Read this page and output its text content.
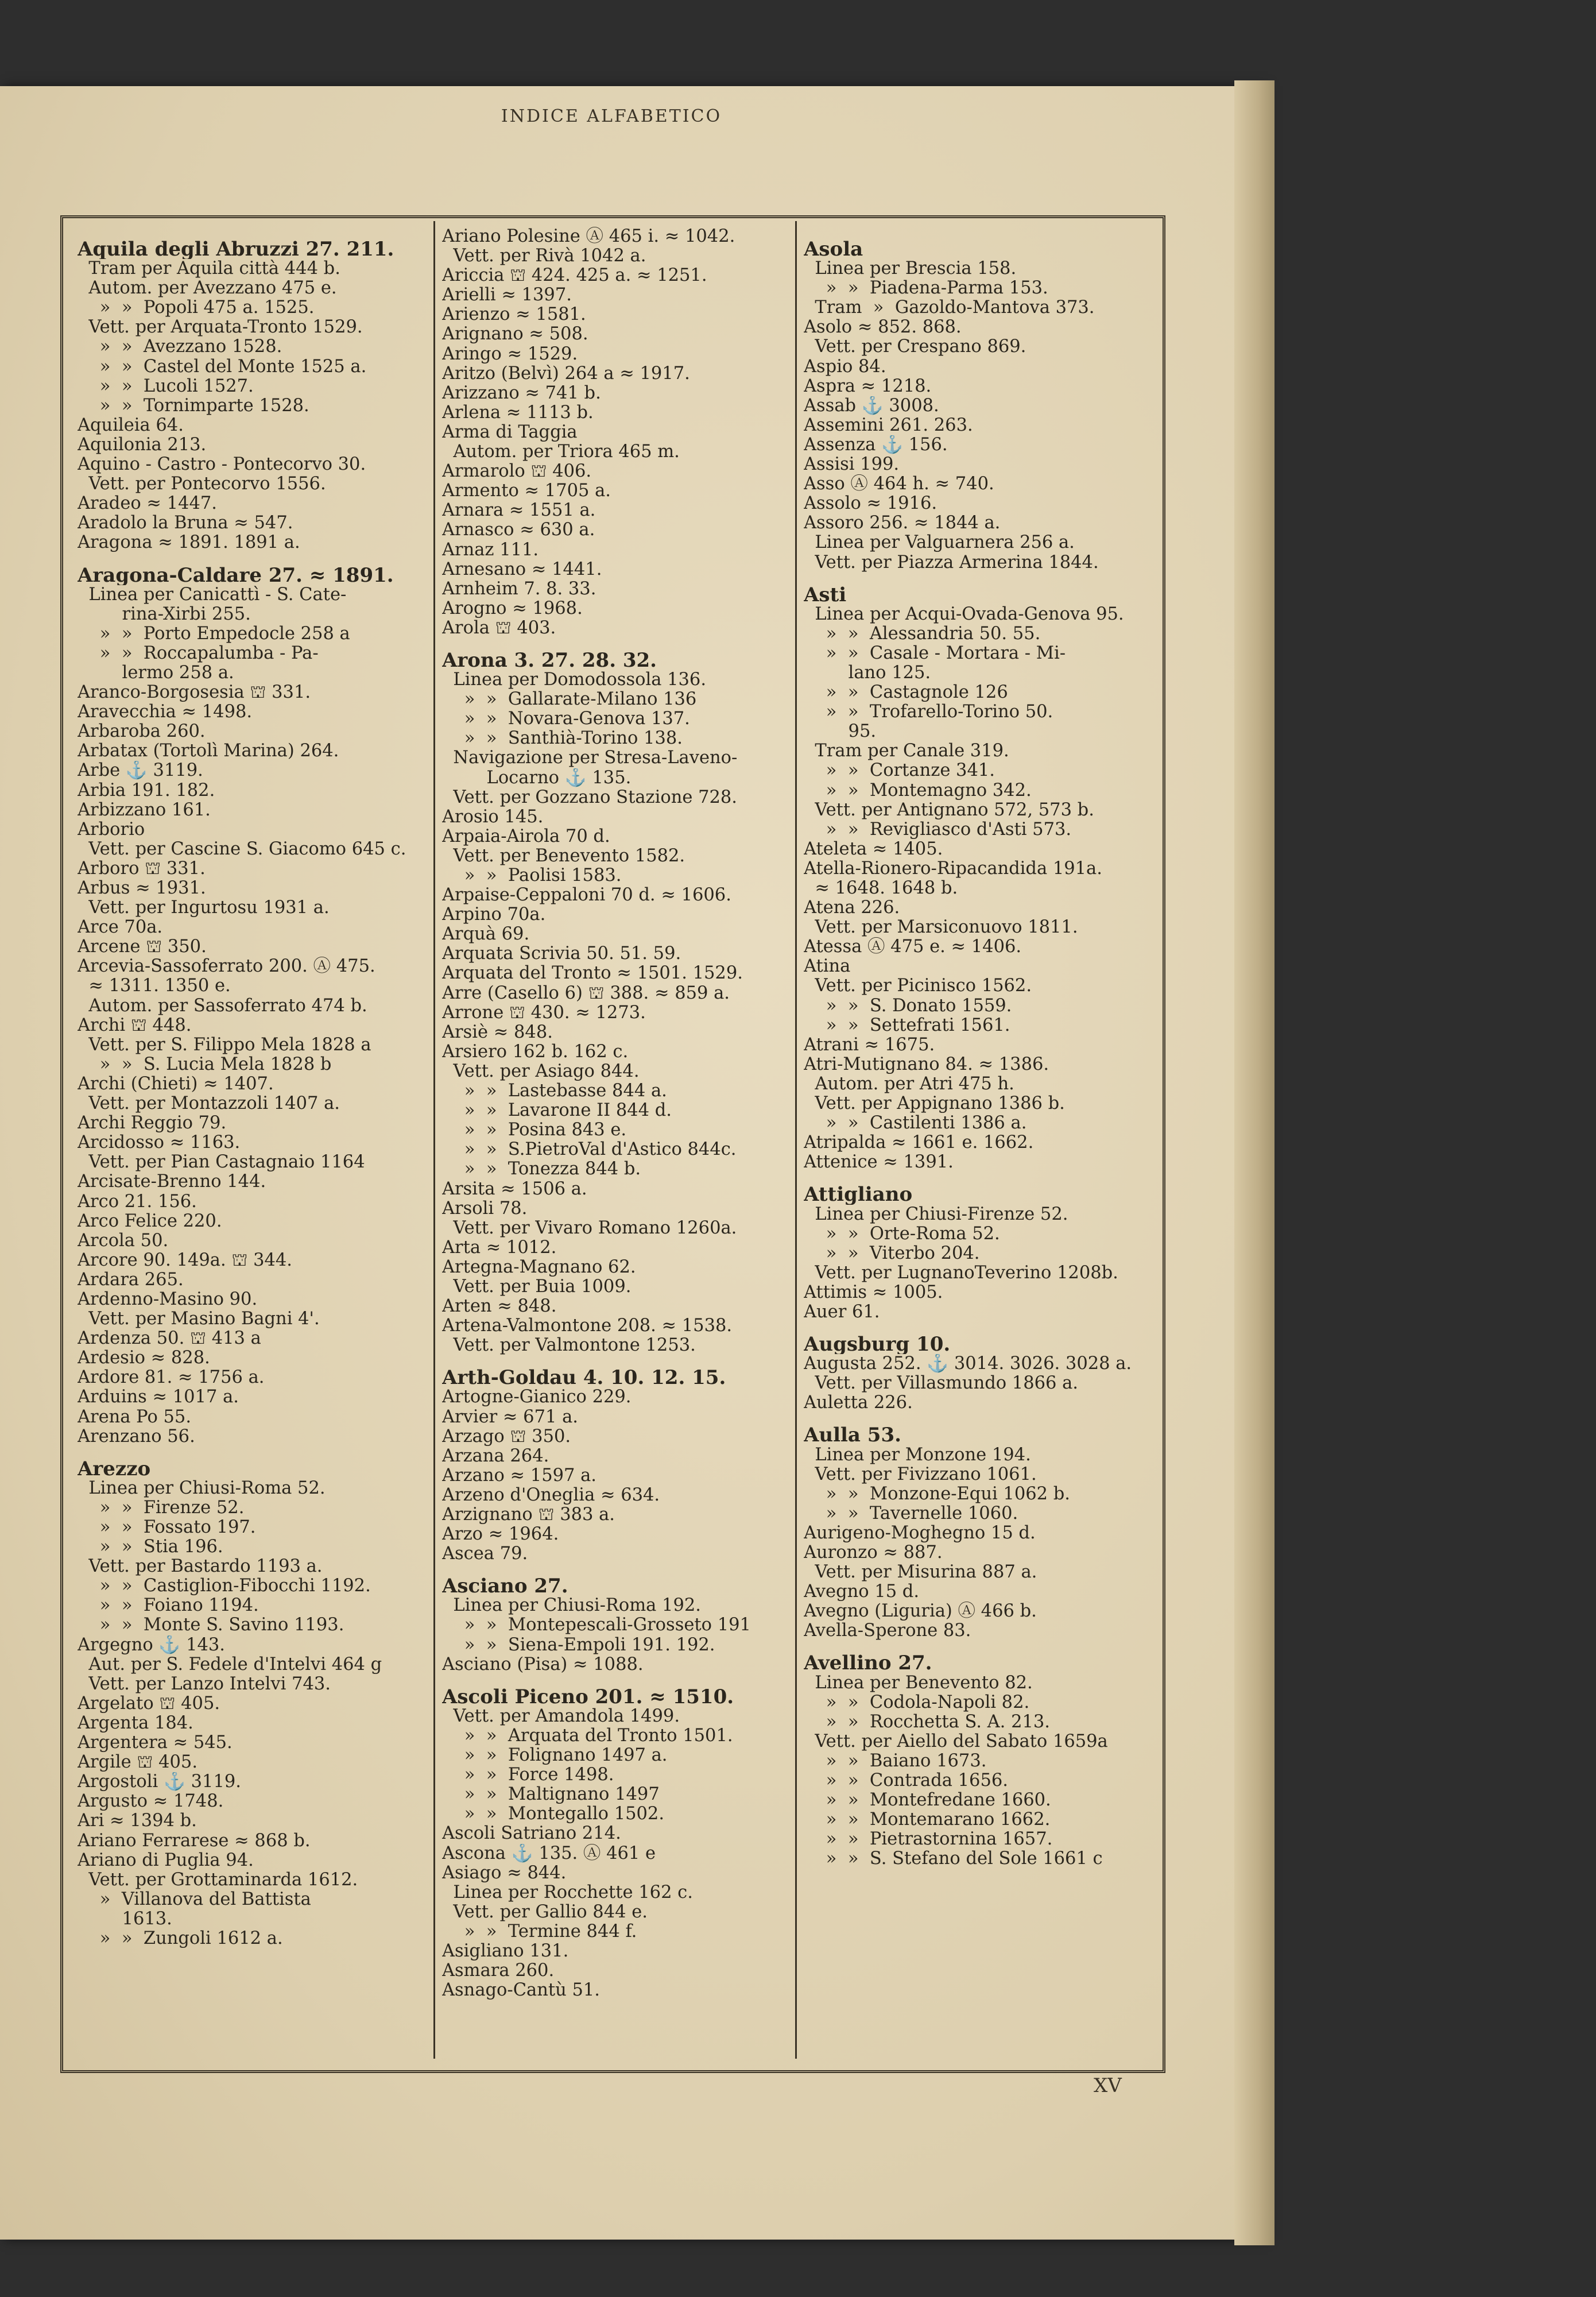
INDICE ALFABETICO
Aquila degli Abruzzi 27. 211.
Tram per Aquila città 444 b.
Autom. per Avezzano 475 e.
»  »  Popoli 475 a. 1525.
Vett. per Arquata-Tronto 1529.
»  »  Avezzano 1528.
»  »  Castel del Monte 1525 a.
»  »  Lucoli 1527.
»  »  Tornimparte 1528.
Aquileia 64.
Aquilonia 213.
Aquino - Castro - Pontecorvo 30.
Vett. per Pontecorvo 1556.
Aradeo ≈ 1447.
Aradolo la Bruna ≈ 547.
Aragona ≈ 1891. 1891 a.
Aragona-Caldare 27. ≈ 1891.
Linea per Canicattì - S. Cate-
rina-Xirbi 255.
»  »  Porto Empedocle 258 a
»  »  Roccapalumba - Pa-
lermo 258 a.
Aranco-Borgosesia ⛫ 331.
Aravecchia ≈ 1498.
Arbaroba 260.
Arbatax (Tortolì Marina) 264.
Arbe ⚓ 3119.
Arbia 191. 182.
Arbizzano 161.
Arborio
Vett. per Cascine S. Giacomo 645 c.
Arboro ⛫ 331.
Arbus ≈ 1931.
Vett. per Ingurtosu 1931 a.
Arce 70a.
Arcene ⛫ 350.
Arcevia-Sassoferrato 200. Ⓐ 475.
≈ 1311. 1350 e.
Autom. per Sassoferrato 474 b.
Archi ⛫ 448.
Vett. per S. Filippo Mela 1828 a
»  »  S. Lucia Mela 1828 b
Archi (Chieti) ≈ 1407.
Vett. per Montazzoli 1407 a.
Archi Reggio 79.
Arcidosso ≈ 1163.
Vett. per Pian Castagnaio 1164
Arcisate-Brenno 144.
Arco 21. 156.
Arco Felice 220.
Arcola 50.
Arcore 90. 149a. ⛫ 344.
Ardara 265.
Ardenno-Masino 90.
Vett. per Masino Bagni 4'.
Ardenza 50. ⛫ 413 a
Ardesio ≈ 828.
Ardore 81. ≈ 1756 a.
Arduins ≈ 1017 a.
Arena Po 55.
Arenzano 56.
Arezzo
Linea per Chiusi-Roma 52.
»  »  Firenze 52.
»  »  Fossato 197.
»  »  Stia 196.
Vett. per Bastardo 1193 a.
»  »  Castiglion-Fibocchi 1192.
»  »  Foiano 1194.
»  »  Monte S. Savino 1193.
Argegno ⚓ 143.
Aut. per S. Fedele d'Intelvi 464 g
Vett. per Lanzo Intelvi 743.
Argelato ⛫ 405.
Argenta 184.
Argentera ≈ 545.
Argile ⛫ 405.
Argostoli ⚓ 3119.
Argusto ≈ 1748.
Ari ≈ 1394 b.
Ariano Ferrarese ≈ 868 b.
Ariano di Puglia 94.
Vett. per Grottaminarda 1612.
»  Villanova del Battista
1613.
»  »  Zungoli 1612 a.
Ariano Polesine Ⓐ 465 i. ≈ 1042.
Vett. per Rivà 1042 a.
Ariccia ⛫ 424. 425 a. ≈ 1251.
Arielli ≈ 1397.
Arienzo ≈ 1581.
Arignano ≈ 508.
Aringo ≈ 1529.
Aritzo (Belvì) 264 a ≈ 1917.
Arizzano ≈ 741 b.
Arlena ≈ 1113 b.
Arma di Taggia
Autom. per Triora 465 m.
Armarolo ⛫ 406.
Armento ≈ 1705 a.
Arnara ≈ 1551 a.
Arnasco ≈ 630 a.
Arnaz 111.
Arnesano ≈ 1441.
Arnheim 7. 8. 33.
Arogno ≈ 1968.
Arola ⛫ 403.
Arona 3. 27. 28. 32.
Linea per Domodossola 136.
»  »  Gallarate-Milano 136
»  »  Novara-Genova 137.
»  »  Santhià-Torino 138.
Navigazione per Stresa-Laveno-
Locarno ⚓ 135.
Vett. per Gozzano Stazione 728.
Arosio 145.
Arpaia-Airola 70 d.
Vett. per Benevento 1582.
»  »  Paolisi 1583.
Arpaise-Ceppaloni 70 d. ≈ 1606.
Arpino 70a.
Arquà 69.
Arquata Scrivia 50. 51. 59.
Arquata del Tronto ≈ 1501. 1529.
Arre (Casello 6) ⛫ 388. ≈ 859 a.
Arrone ⛫ 430. ≈ 1273.
Arsiè ≈ 848.
Arsiero 162 b. 162 c.
Vett. per Asiago 844.
»  »  Lastebasse 844 a.
»  »  Lavarone II 844 d.
»  »  Posina 843 e.
»  »  S.PietroVal d'Astico 844c.
»  »  Tonezza 844 b.
Arsita ≈ 1506 a.
Arsoli 78.
Vett. per Vivaro Romano 1260a.
Arta ≈ 1012.
Artegna-Magnano 62.
Vett. per Buia 1009.
Arten ≈ 848.
Artena-Valmontone 208. ≈ 1538.
Vett. per Valmontone 1253.
Arth-Goldau 4. 10. 12. 15.
Artogne-Gianico 229.
Arvier ≈ 671 a.
Arzago ⛫ 350.
Arzana 264.
Arzano ≈ 1597 a.
Arzeno d'Oneglia ≈ 634.
Arzignano ⛫ 383 a.
Arzo ≈ 1964.
Ascea 79.
Asciano 27.
Linea per Chiusi-Roma 192.
»  »  Montepescali-Grosseto 191
»  »  Siena-Empoli 191. 192.
Asciano (Pisa) ≈ 1088.
Ascoli Piceno 201. ≈ 1510.
Vett. per Amandola 1499.
»  »  Arquata del Tronto 1501.
»  »  Folignano 1497 a.
»  »  Force 1498.
»  »  Maltignano 1497
»  »  Montegallo 1502.
Ascoli Satriano 214.
Ascona ⚓ 135. Ⓐ 461 e
Asiago ≈ 844.
Linea per Rocchette 162 c.
Vett. per Gallio 844 e.
»  »  Termine 844 f.
Asigliano 131.
Asmara 260.
Asnago-Cantù 51.
Asola
Linea per Brescia 158.
»  »  Piadena-Parma 153.
Tram  »  Gazoldo-Mantova 373.
Asolo ≈ 852. 868.
Vett. per Crespano 869.
Aspio 84.
Aspra ≈ 1218.
Assab ⚓ 3008.
Assemini 261. 263.
Assenza ⚓ 156.
Assisi 199.
Asso Ⓐ 464 h. ≈ 740.
Assolo ≈ 1916.
Assoro 256. ≈ 1844 a.
Linea per Valguarnera 256 a.
Vett. per Piazza Armerina 1844.
Asti
Linea per Acqui-Ovada-Genova 95.
»  »  Alessandria 50. 55.
»  »  Casale - Mortara - Mi-
lano 125.
»  »  Castagnole 126
»  »  Trofarello-Torino 50.
95.
Tram per Canale 319.
»  »  Cortanze 341.
»  »  Montemagno 342.
Vett. per Antignano 572, 573 b.
»  »  Revigliasco d'Asti 573.
Ateleta ≈ 1405.
Atella-Rionero-Ripacandida 191a.
≈ 1648. 1648 b.
Atena 226.
Vett. per Marsiconuovo 1811.
Atessa Ⓐ 475 e. ≈ 1406.
Atina
Vett. per Picinisco 1562.
»  »  S. Donato 1559.
»  »  Settefrati 1561.
Atrani ≈ 1675.
Atri-Mutignano 84. ≈ 1386.
Autom. per Atri 475 h.
Vett. per Appignano 1386 b.
»  »  Castilenti 1386 a.
Atripalda ≈ 1661 e. 1662.
Attenice ≈ 1391.
Attigliano
Linea per Chiusi-Firenze 52.
»  »  Orte-Roma 52.
»  »  Viterbo 204.
Vett. per LugnanoTeverino 1208b.
Attimis ≈ 1005.
Auer 61.
Augsburg 10.
Augusta 252. ⚓ 3014. 3026. 3028 a.
Vett. per Villasmundo 1866 a.
Auletta 226.
Aulla 53.
Linea per Monzone 194.
Vett. per Fivizzano 1061.
»  »  Monzone-Equi 1062 b.
»  »  Tavernelle 1060.
Aurigeno-Moghegno 15 d.
Auronzo ≈ 887.
Vett. per Misurina 887 a.
Avegno 15 d.
Avegno (Liguria) Ⓐ 466 b.
Avella-Sperone 83.
Avellino 27.
Linea per Benevento 82.
»  »  Codola-Napoli 82.
»  »  Rocchetta S. A. 213.
Vett. per Aiello del Sabato 1659a
»  »  Baiano 1673.
»  »  Contrada 1656.
»  »  Montefredane 1660.
»  »  Montemarano 1662.
»  »  Pietrastornina 1657.
»  »  S. Stefano del Sole 1661 c
XV
